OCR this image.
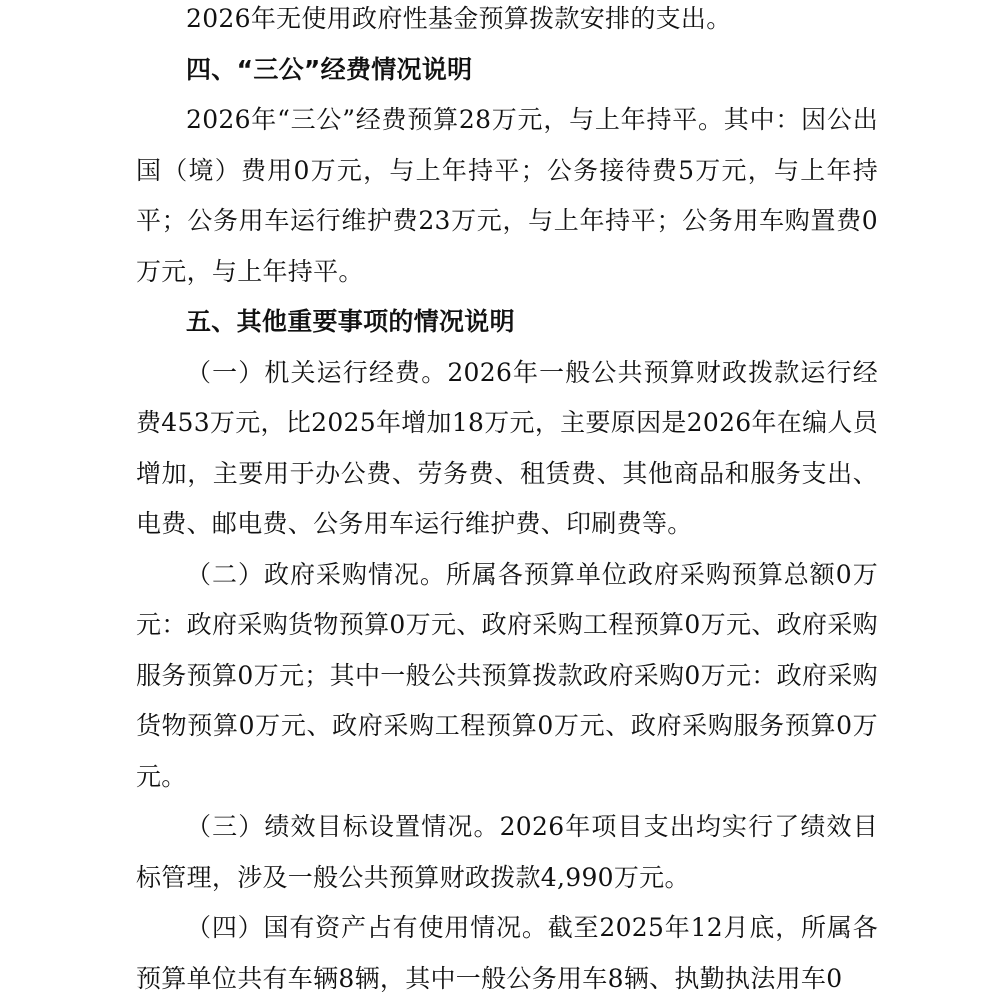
2026年无使用政府性基金预算拨款安排的支出。

四、“三公”经费情况说明

2026年“三公”经费预算28万元，与上年持平。其中：因公出国（境）费用0万元，与上年持平；公务接待费5万元，与上年持平；公务用车运行维护费23万元，与上年持平；公务用车购置费0万元，与上年持平。

五、其他重要事项的情况说明

（一）机关运行经费。2026年一般公共预算财政拨款运行经费453万元，比2025年增加18万元，主要原因是2026年在编人员增加，主要用于办公费、劳务费、租赁费、其他商品和服务支出、电费、邮电费、公务用车运行维护费、印刷费等。

（二）政府采购情况。所属各预算单位政府采购预算总额0万元：政府采购货物预算0万元、政府采购工程预算0万元、政府采购服务预算0万元；其中一般公共预算拨款政府采购0万元：政府采购货物预算0万元、政府采购工程预算0万元、政府采购服务预算0万元。

（三）绩效目标设置情况。2026年项目支出均实行了绩效目标管理，涉及一般公共预算财政拨款4,990万元。

（四）国有资产占有使用情况。截至2025年12月底，所属各预算单位共有车辆8辆，其中一般公务用车8辆、执勤执法用车0
